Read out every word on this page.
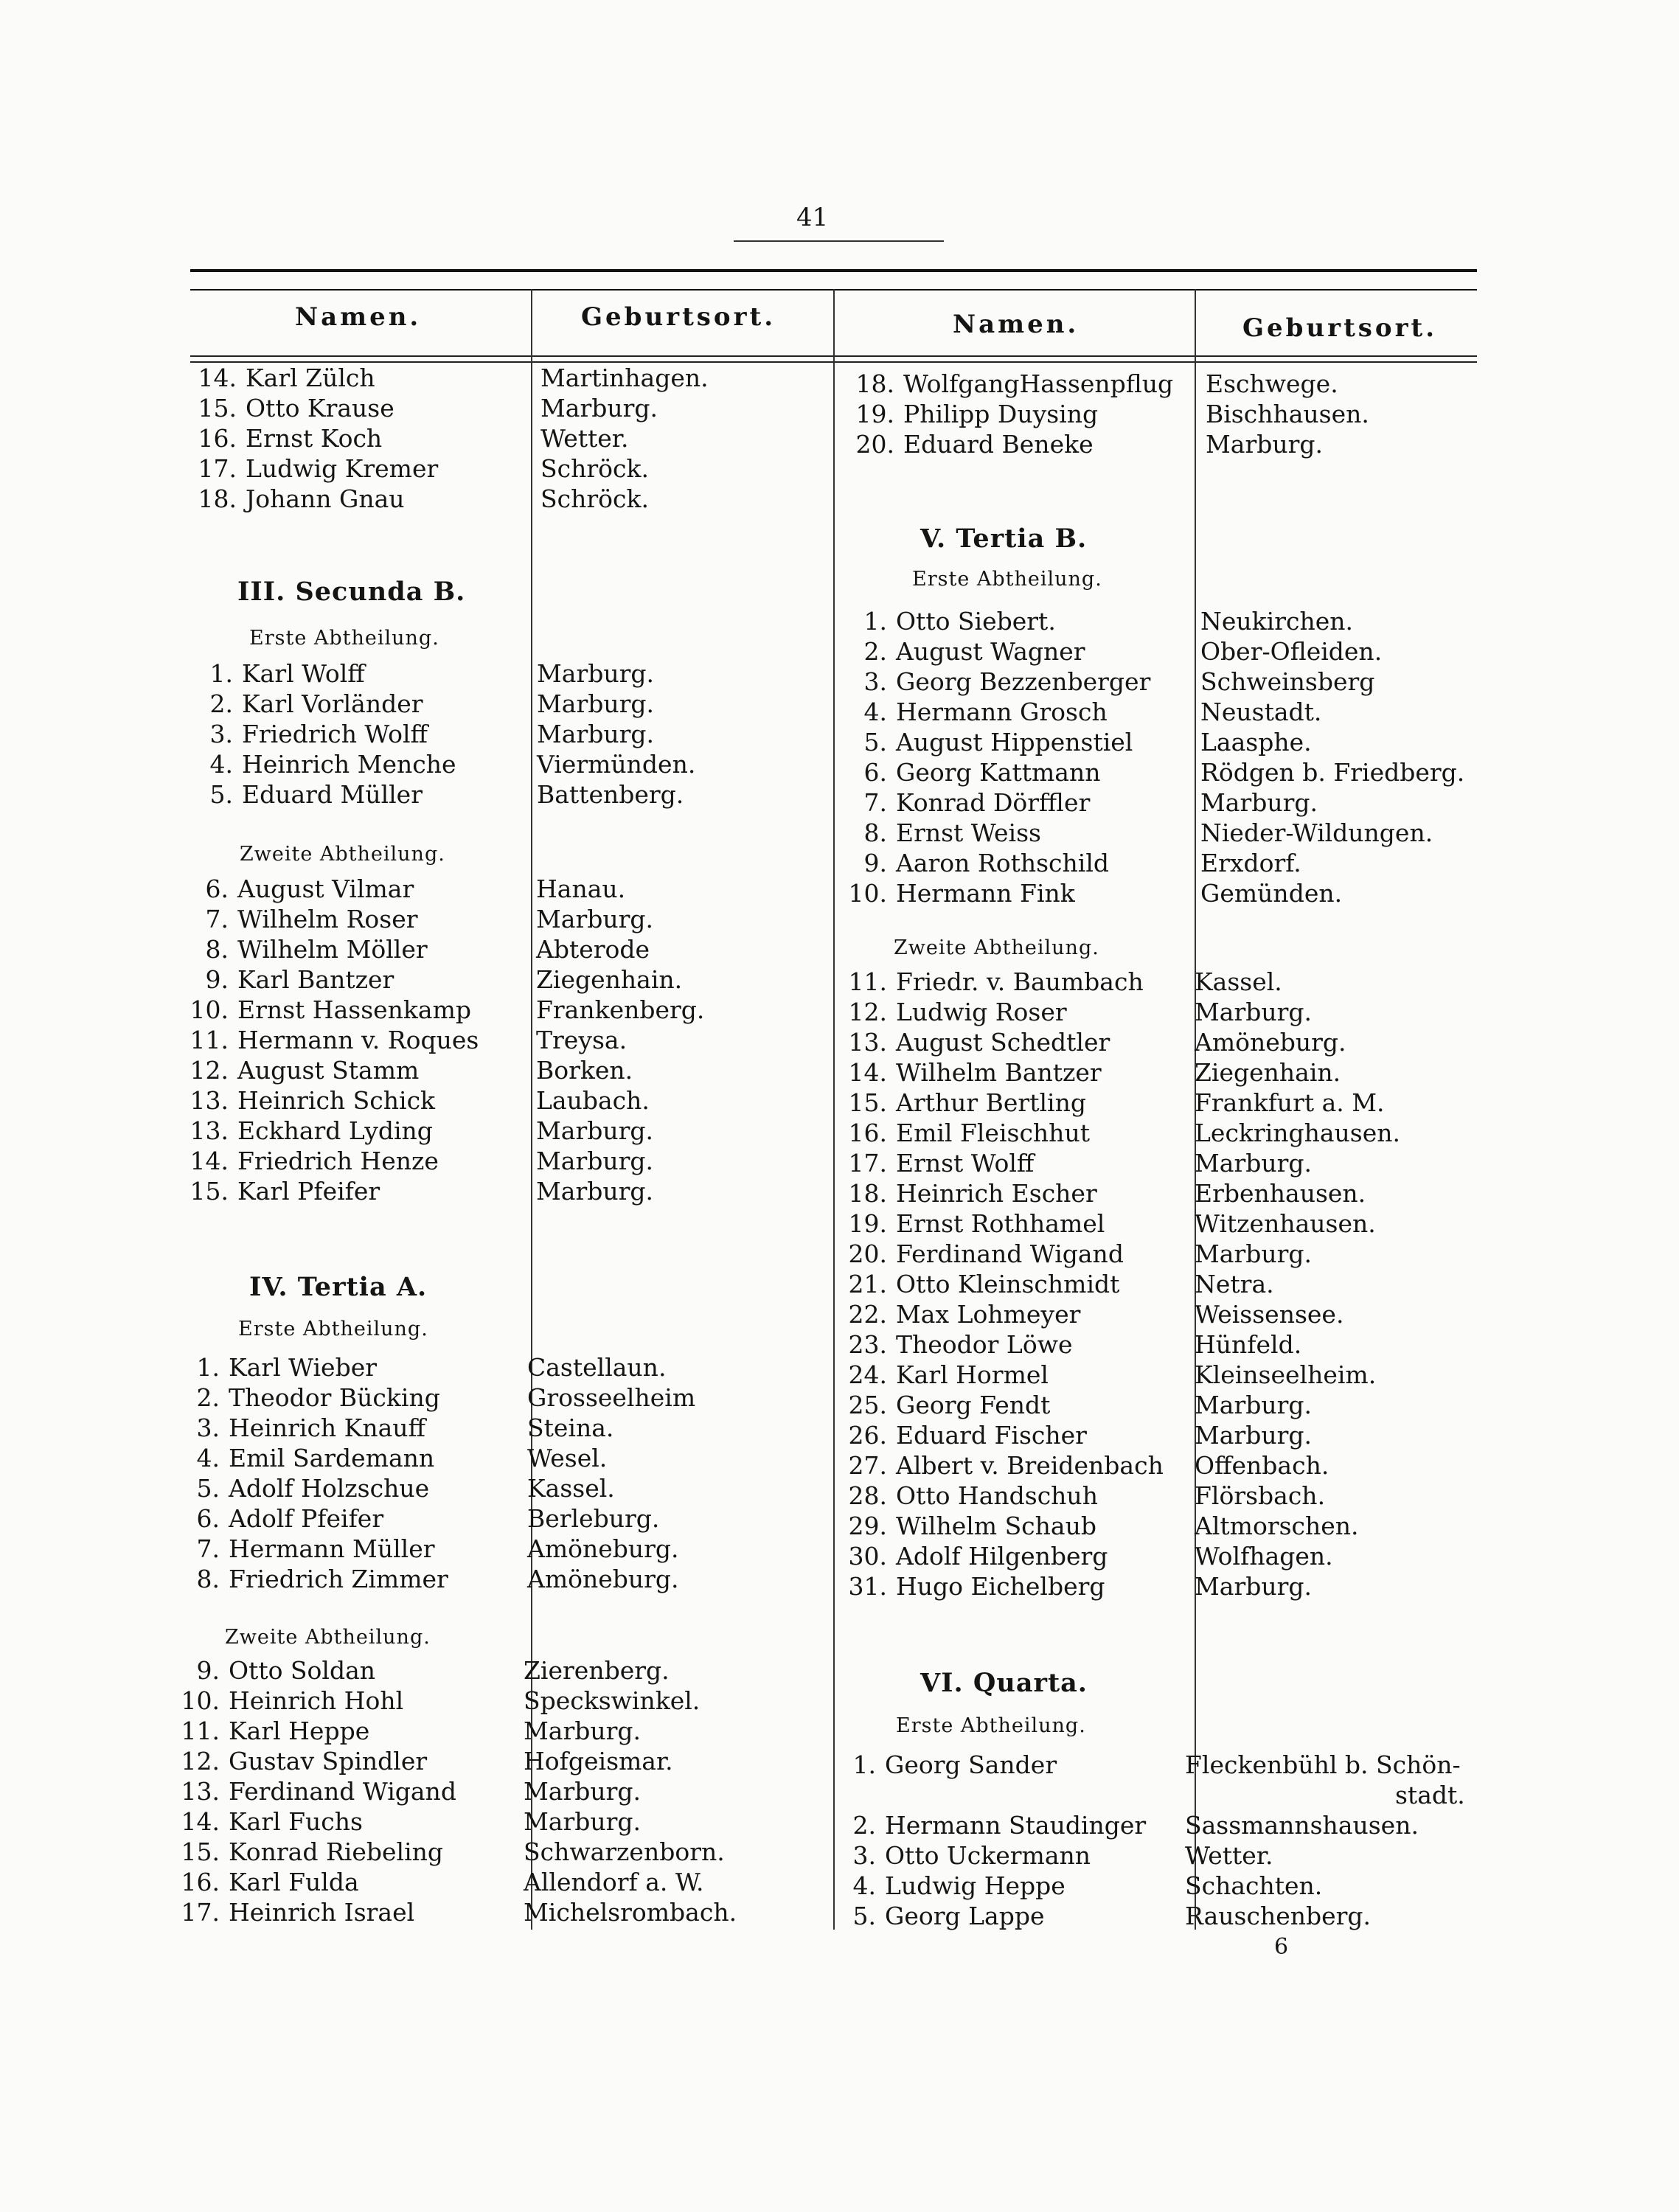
41
Namen.	Geburtsort.	Namen.	Geburtsort.
14. Karl Zülch	Martinhagen.
15. Otto Krause	Marburg.
16. Ernst Koch	Wetter.
17. Ludwig Kremer	Schröck.
18. Johann Gnau	Schröck.
III. Secunda B.
Erste Abtheilung.
1. Karl Wolff	Marburg.
2. Karl Vorländer	Marburg.
3. Friedrich Wolff	Marburg.
4. Heinrich Menche	Viermünden.
5. Eduard Müller	Battenberg.
Zweite Abtheilung.
6. August Vilmar	Hanau.
7. Wilhelm Roser	Marburg.
8. Wilhelm Möller	Abterode
9. Karl Bantzer	Ziegenhain.
10. Ernst Hassenkamp	Frankenberg.
11. Hermann v. Roques Treysa.
12. August Stamm	Borken.
13. Heinrich Schick	Laubach.
13. Eckhard Lyding	Marburg.
14. Friedrich Henze	Marburg.
15. Karl Pfeifer	Marburg.
IV. Tertia A.
Erste Abtheilung.
1. Karl Wieber	Castellaun.
2. Theodor Bücking	Grosseelheim
3. Heinrich Knauff	Steina.
4. Emil Sardemann	Wesel.
5. Adolf Holzschue	Kassel.
6. Adolf Pfeifer	Berleburg.
7. Hermann Müller	Amöneburg.
8. Friedrich Zimmer	Amöneburg.
Zweite Abtheilung.
9. Otto Soldan	Zierenberg.
10. Heinrich Hohl	Speckswinkel.
11. Karl Heppe	Marburg.
12. Gustav Spindler	Hofgeismar.
13. Ferdinand Wigand	Marburg.
14. Karl Fuchs	Marburg.
15. Konrad Riebeling	Schwarzenborn.
16. Karl Fulda	Allendorf a. W.
17. Heinrich Israel	Michelsrombach.
18. WolfgangHassenpflug Eschwege.
19. Philipp Duysing	Bischhausen.
20. Eduard Beneke	Marburg.
V. Tertia B.
Erste Abtheilung.
1. Otto Siebert.	Neukirchen.
2. August Wagner	Ober-Ofleiden.
3. Georg Bezzenberger Schweinsberg
4. Hermann Grosch	Neustadt.
5. August Hippenstiel	Laasphe.
6. Georg Kattmann	Rödgen b. Friedberg.
7. Konrad Dörffler	Marburg.
8. Ernst Weiss	Nieder-Wildungen.
9. Aaron Rothschild	Erxdorf.
10. Hermann Fink	Gemünden.
Zweite Abtheilung.
11. Friedr. v. Baumbach Kassel.
12. Ludwig Roser	Marburg.
13. August Schedtler	Amöneburg.
14. Wilhelm Bantzer	Ziegenhain.
15. Arthur Bertling	Frankfurt a. M.
16. Emil Fleischhut	Leckringhausen.
17. Ernst Wolff	Marburg.
18. Heinrich Escher	Erbenhausen.
19. Ernst Rothhamel	Witzenhausen.
20. Ferdinand Wigand	Marburg.
21. Otto Kleinschmidt	Netra.
22. Max Lohmeyer	Weissensee.
23. Theodor Löwe	Hünfeld.
24. Karl Hormel	Kleinseelheim.
25. Georg Fendt	Marburg.
26. Eduard Fischer	Marburg.
27. Albert v. Breidenbach Offenbach.
28. Otto Handschuh	Flörsbach.
29. Wilhelm Schaub	Altmorschen.
30. Adolf Hilgenberg	Wolfhagen.
31. Hugo Eichelberg	Marburg.
VI. Quarta.
Erste Abtheilung.
1. Georg Sander	Fleckenbühl b. Schön-
stadt.
2. Hermann Staudinger Sassmannshausen.
3. Otto Uckermann	Wetter.
4. Ludwig Heppe	Schachten.
5. Georg Lappe	Rauschenberg.
6
